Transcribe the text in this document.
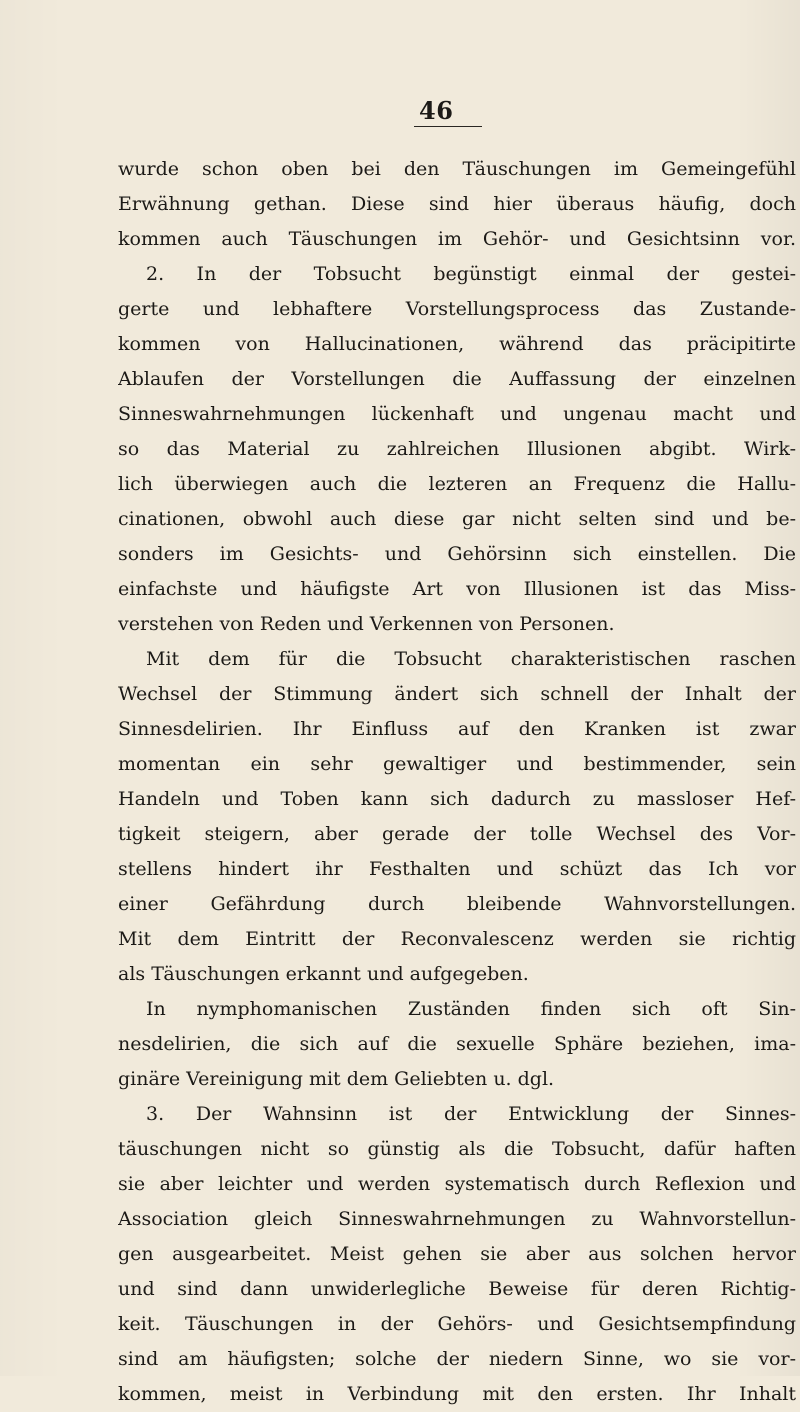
46
wurde schon oben bei den Täuschungen im Gemeingefühl
Erwähnung gethan. Diese sind hier überaus häufig, doch
kommen auch Täuschungen im Gehör- und Gesichtsinn vor.
2. In der Tobsucht begünstigt einmal der gestei-
gerte und lebhaftere Vorstellungsprocess das Zustande-
kommen von Hallucinationen, während das präcipitirte
Ablaufen der Vorstellungen die Auffassung der einzelnen
Sinneswahrnehmungen lückenhaft und ungenau macht und
so das Material zu zahlreichen Illusionen abgibt. Wirk-
lich überwiegen auch die lezteren an Frequenz die Hallu-
cinationen, obwohl auch diese gar nicht selten sind und be-
sonders im Gesichts- und Gehörsinn sich einstellen. Die
einfachste und häufigste Art von Illusionen ist das Miss-
verstehen von Reden und Verkennen von Personen.
Mit dem für die Tobsucht charakteristischen raschen
Wechsel der Stimmung ändert sich schnell der Inhalt der
Sinnesdelirien. Ihr Einfluss auf den Kranken ist zwar
momentan ein sehr gewaltiger und bestimmender, sein
Handeln und Toben kann sich dadurch zu massloser Hef-
tigkeit steigern, aber gerade der tolle Wechsel des Vor-
stellens hindert ihr Festhalten und schüzt das Ich vor
einer Gefährdung durch bleibende Wahnvorstellungen.
Mit dem Eintritt der Reconvalescenz werden sie richtig
als Täuschungen erkannt und aufgegeben.
In nymphomanischen Zuständen finden sich oft Sin-
nesdelirien, die sich auf die sexuelle Sphäre beziehen, ima-
ginäre Vereinigung mit dem Geliebten u. dgl.
3. Der Wahnsinn ist der Entwicklung der Sinnes-
täuschungen nicht so günstig als die Tobsucht, dafür haften
sie aber leichter und werden systematisch durch Reflexion und
Association gleich Sinneswahrnehmungen zu Wahnvorstellun-
gen ausgearbeitet. Meist gehen sie aber aus solchen hervor
und sind dann unwiderlegliche Beweise für deren Richtig-
keit. Täuschungen in der Gehörs- und Gesichtsempfindung
sind am häufigsten; solche der niedern Sinne, wo sie vor-
kommen, meist in Verbindung mit den ersten. Ihr Inhalt
